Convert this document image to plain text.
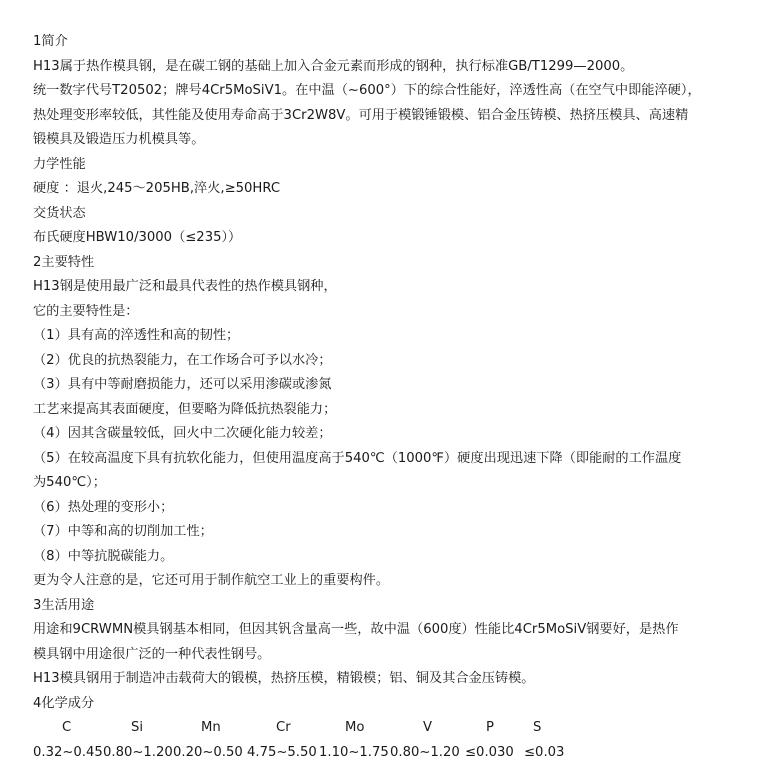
1简介
H13属于热作模具钢，是在碳工钢的基础上加入合金元素而形成的钢种，执行标准GB/T1299—2000。
统一数字代号T20502；牌号4Cr5MoSiV1。在中温（~600°）下的综合性能好，淬透性高（在空气中即能淬硬），
热处理变形率较低，其性能及使用寿命高于3Cr2W8V。可用于模锻锤锻模、铝合金压铸模、热挤压模具、高速精
锻模具及锻造压力机模具等。
力学性能
硬度 ：退火,245～205HB,淬火,≥50HRC
交货状态
布氏硬度HBW10/3000（≤235））
2主要特性
H13钢是使用最广泛和最具代表性的热作模具钢种，
它的主要特性是：
（1）具有高的淬透性和高的韧性；
（2）优良的抗热裂能力，在工作场合可予以水冷；
（3）具有中等耐磨损能力，还可以采用渗碳或渗氮
工艺来提高其表面硬度，但要略为降低抗热裂能力；
（4）因其含碳量较低，回火中二次硬化能力较差；
（5）在较高温度下具有抗软化能力，但使用温度高于540℃（1000℉）硬度出现迅速下降（即能耐的工作温度
为540℃）；
（6）热处理的变形小；
（7）中等和高的切削加工性；
（8）中等抗脱碳能力。
更为令人注意的是，它还可用于制作航空工业上的重要构件。
3生活用途
用途和9CRWMN模具钢基本相同，但因其钒含量高一些，故中温（600度）性能比4Cr5MoSiV钢要好，是热作
模具钢中用途很广泛的一种代表性钢号。
H13模具钢用于制造冲击载荷大的锻模，热挤压模，精锻模；铝、铜及其合金压铸模。
4化学成分
C	Si	Mn	Cr	Mo	V	P	S
0.32~0.45 0.80~1.20 0.20~0.50 4.75~5.50 1.10~1.75 0.80~1.20 ≤0.030 ≤0.03
